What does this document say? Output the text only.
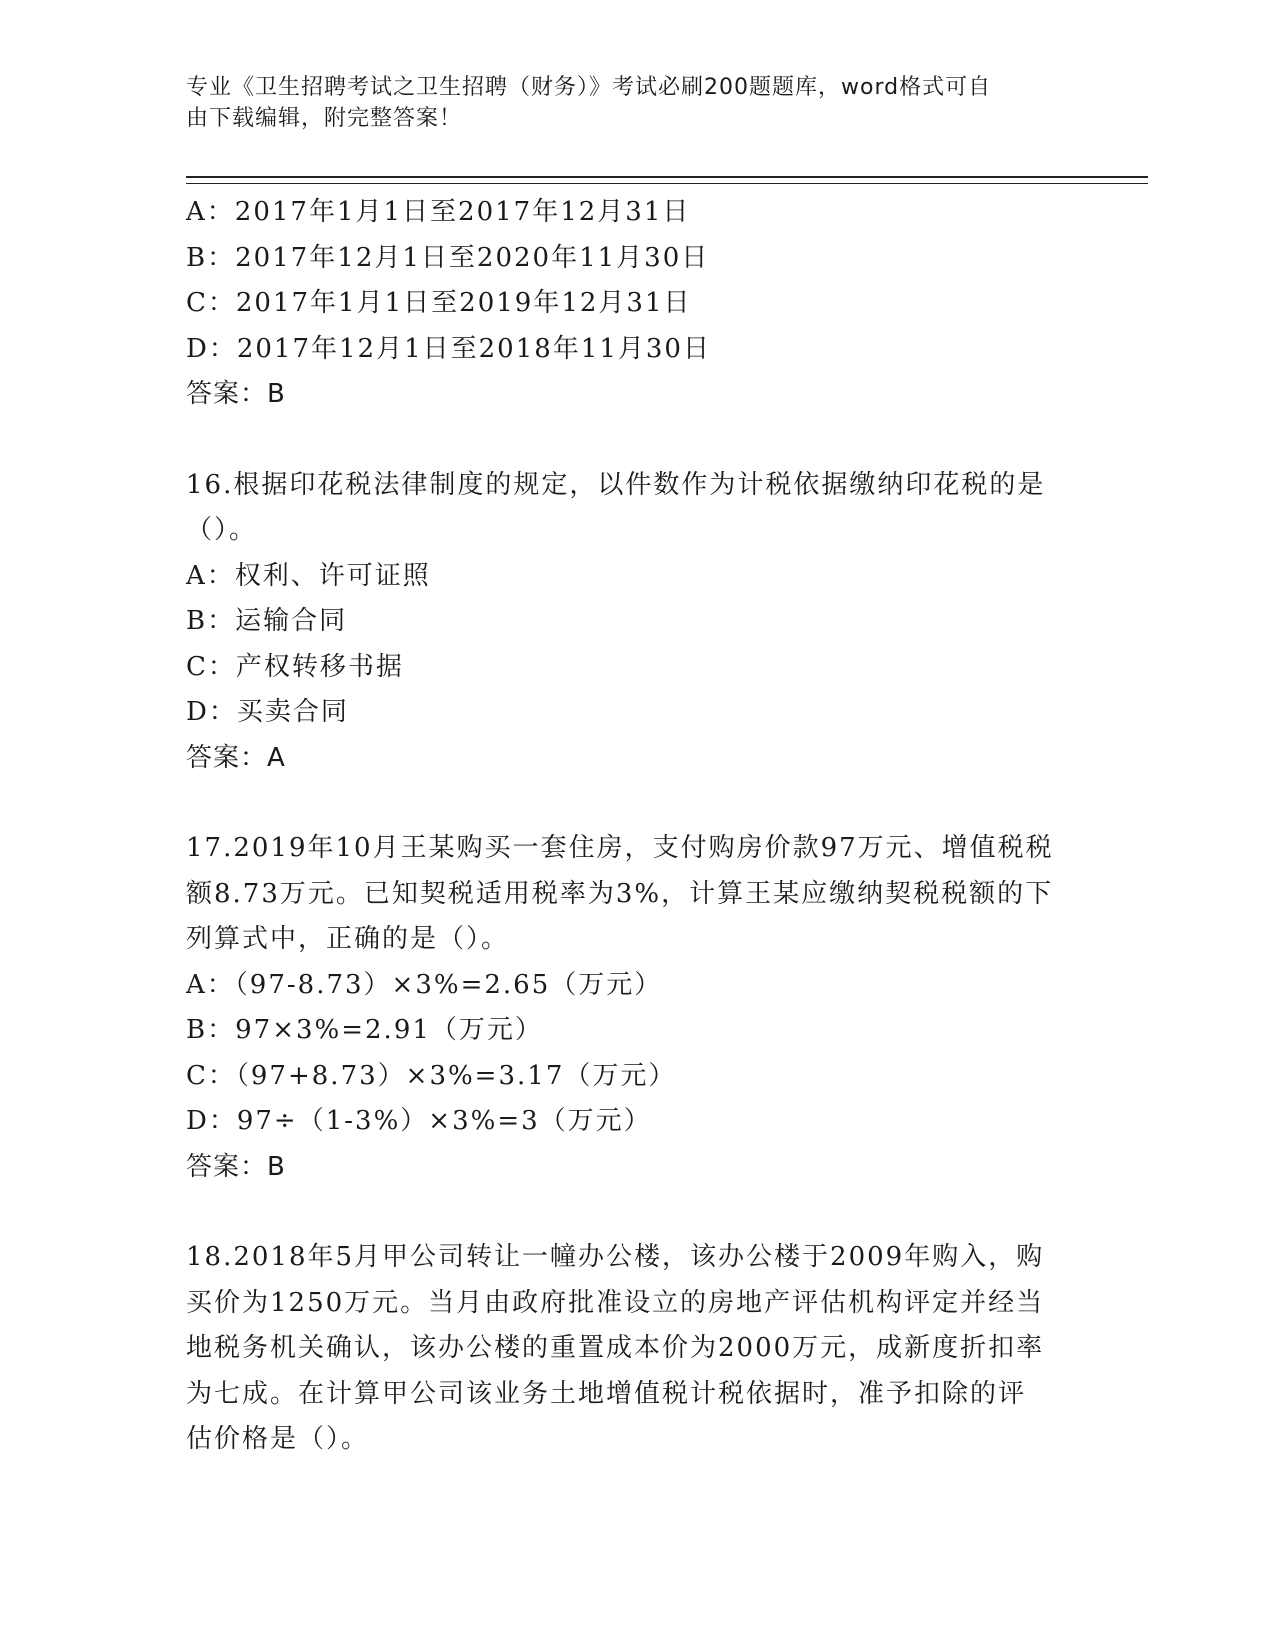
专业《卫生招聘考试之卫生招聘（财务）》考试必刷200题题库，word格式可自
由下载编辑，附完整答案！
A：2017年1月1日至2017年12月31日
B：2017年12月1日至2020年11月30日
C：2017年1月1日至2019年12月31日
D：2017年12月1日至2018年11月30日
答案：B
16.根据印花税法律制度的规定，以件数作为计税依据缴纳印花税的是
（）。
A：权利、许可证照
B：运输合同
C：产权转移书据
D：买卖合同
答案：A
17.2019年10月王某购买一套住房，支付购房价款97万元、增值税税
额8.73万元。已知契税适用税率为3%，计算王某应缴纳契税税额的下
列算式中，正确的是（）。
A：（97-8.73）×3%=2.65（万元）
B：97×3%=2.91（万元）
C：（97+8.73）×3%=3.17（万元）
D：97÷（1-3%）×3%=3（万元）
答案：B
18.2018年5月甲公司转让一幢办公楼，该办公楼于2009年购入，购
买价为1250万元。当月由政府批准设立的房地产评估机构评定并经当
地税务机关确认，该办公楼的重置成本价为2000万元，成新度折扣率
为七成。在计算甲公司该业务土地增值税计税依据时，准予扣除的评
估价格是（）。
